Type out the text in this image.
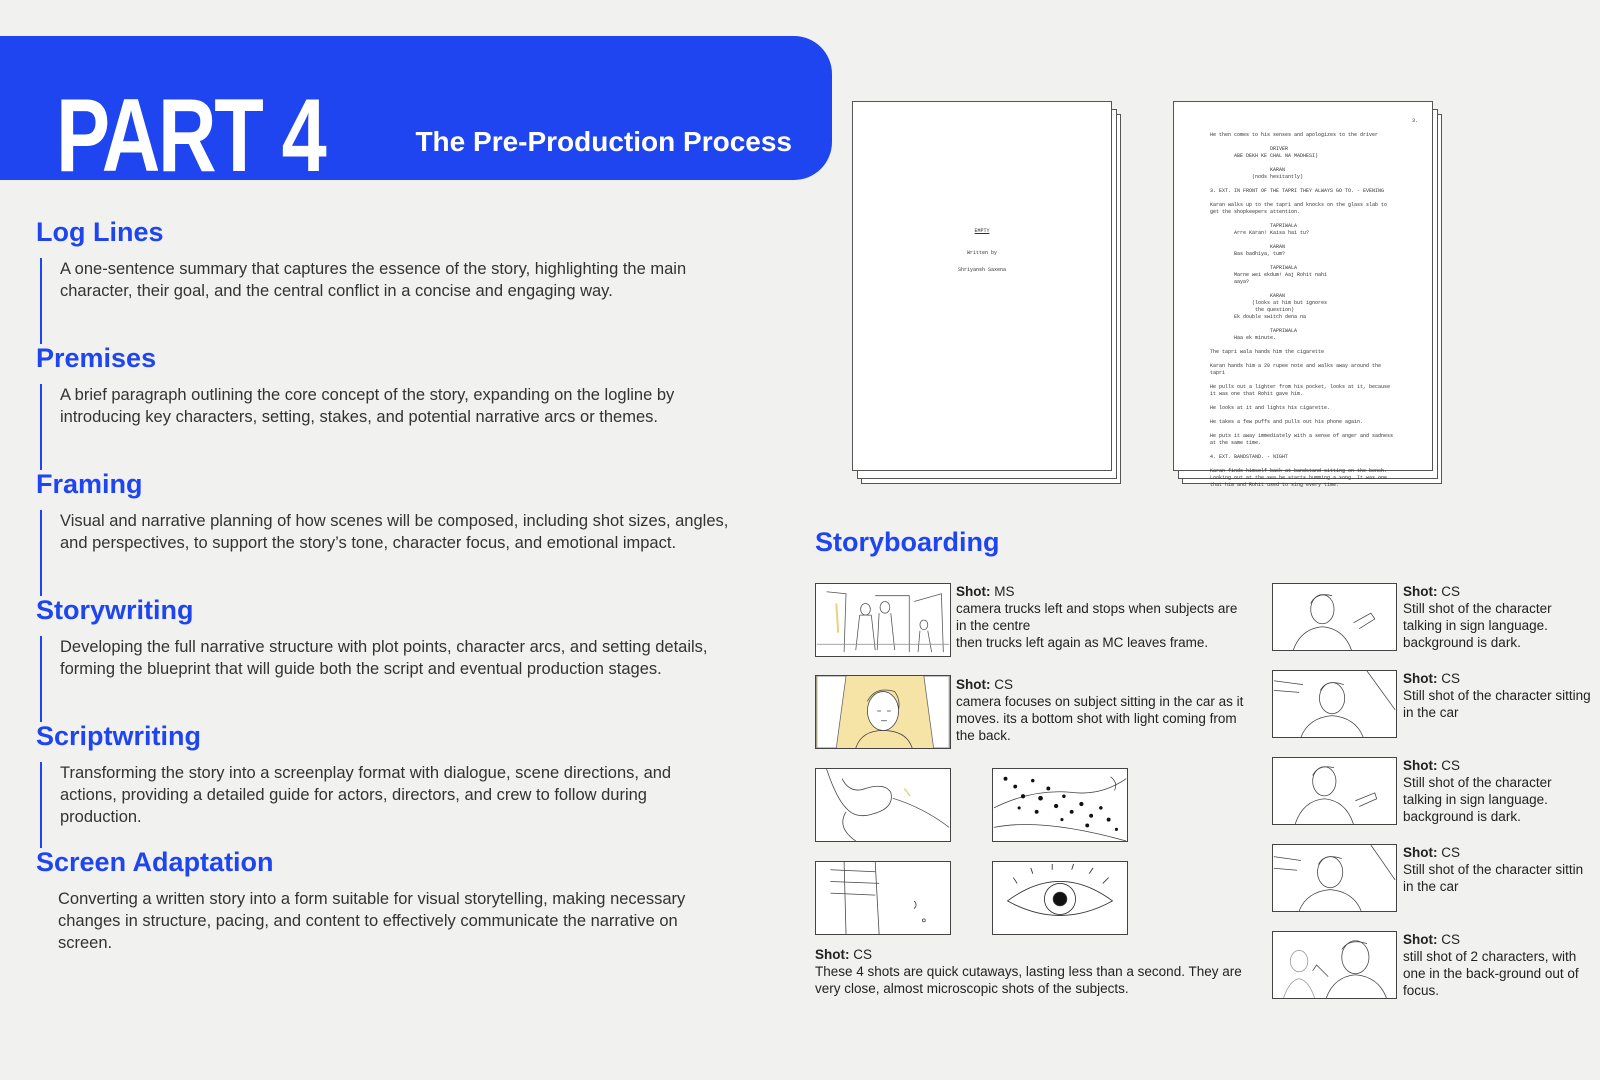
PART 4	The Pre-Production Process
Log Lines
A one-sentence summary that captures the essence of the story, highlighting the main character, their goal, and the central conflict in a concise and engaging way.
Premises
A brief paragraph outlining the core concept of the story, expanding on the logline by introducing key characters, setting, stakes, and potential narrative arcs or themes.
Framing
Visual and narrative planning of how scenes will be composed, including shot sizes, angles, and perspectives, to support the story’s tone, character focus, and emotional impact.
Storywriting
Developing the full narrative structure with plot points, character arcs, and setting details, forming the blueprint that will guide both the script and eventual production stages.
Scriptwriting
Transforming the story into a screenplay format with dialogue, scene directions, and actions, providing a detailed guide for actors, directors, and crew to follow during production.
Screen Adaptation
Converting a written story into a form suitable for visual storytelling, making necessary changes in structure, pacing, and content to effectively communicate the narrative on screen.
EMPTY
Written by
Shriyansh Saxena
3.
He then comes to his senses and apologizes to the driver

DRIVER
ABE DEKH KE CHAL NA MADHESI)

KARAN
(nods hesitantly)

3. EXT. IN FRONT OF THE TAPRI THEY ALWAYS GO TO. - EVENING

Karan walks up to the tapri and knocks on the glass slab to
get the shopkeepers attention.

TAPRIWALA
Arre Karan! Kaisa hai tu?

KARAN
Bas badhiya, tum?

TAPRIWALA
Marne wei ekdum! Aaj Rohit nahi
aaya?

KARAN
(looks at him but ignores
the question)
Ek double switch dena na

TAPRIWALA
Haa ek minute.

The tapri wala hands him the cigarette

Karan hands him a 20 rupee note and walks away around the
tapri

He pulls out a lighter from his pocket, looks at it, because
it was one that Rohit gave him.

He looks at it and lights his cigarette.

He takes a few puffs and pulls out his phone again.

He puts it away immediately with a sense of anger and sadness
at the same time.

4. EXT. BANDSTAND. - NIGHT

Karan finds himself back at bandstand sitting on the bench.
Looking out at the sea he starts humming a song. It was one
that him and Rohit used to sing every time.
Storyboarding
Shot: MS
camera trucks left and stops when subjects are in the centre
then trucks left again as MC leaves frame.
Shot: CS
camera focuses on subject sitting in the car as it moves. its a bottom shot with light coming from the back.
Shot: CS
These 4 shots are quick cutaways, lasting less than a second. They are very close, almost microscopic shots of the subjects.
Shot: CS
Still shot of the character talking in sign language. background is dark.
Shot: CS
Still shot of the character sitting in the car
Shot: CS
Still shot of the character talking in sign language. background is dark.
Shot: CS
Still shot of the character sittin in the car
Shot: CS
still shot of 2 characters, with one in the back-ground out of focus.
